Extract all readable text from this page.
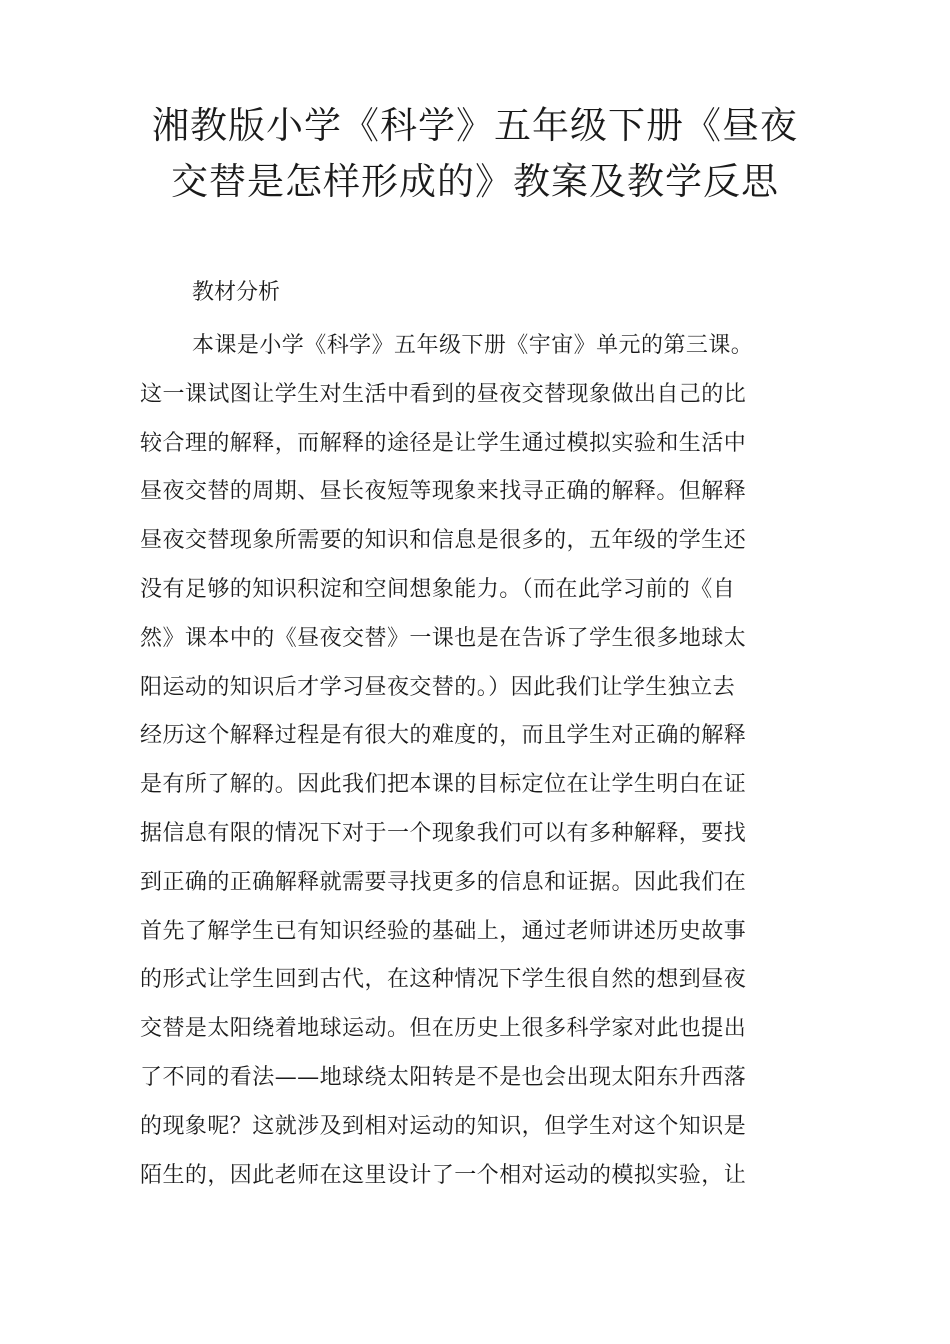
湘教版小学《科学》五年级下册《昼夜
交替是怎样形成的》教案及教学反思
教材分析
本课是小学《科学》五年级下册《宇宙》单元的第三课。
这一课试图让学生对生活中看到的昼夜交替现象做出自己的比
较合理的解释，而解释的途径是让学生通过模拟实验和生活中
昼夜交替的周期、昼长夜短等现象来找寻正确的解释。但解释
昼夜交替现象所需要的知识和信息是很多的，五年级的学生还
没有足够的知识积淀和空间想象能力。（而在此学习前的《自
然》课本中的《昼夜交替》一课也是在告诉了学生很多地球太
阳运动的知识后才学习昼夜交替的。）因此我们让学生独立去
经历这个解释过程是有很大的难度的，而且学生对正确的解释
是有所了解的。因此我们把本课的目标定位在让学生明白在证
据信息有限的情况下对于一个现象我们可以有多种解释，要找
到正确的正确解释就需要寻找更多的信息和证据。因此我们在
首先了解学生已有知识经验的基础上，通过老师讲述历史故事
的形式让学生回到古代，在这种情况下学生很自然的想到昼夜
交替是太阳绕着地球运动。但在历史上很多科学家对此也提出
了不同的看法——地球绕太阳转是不是也会出现太阳东升西落
的现象呢？这就涉及到相对运动的知识，但学生对这个知识是
陌生的，因此老师在这里设计了一个相对运动的模拟实验，让
